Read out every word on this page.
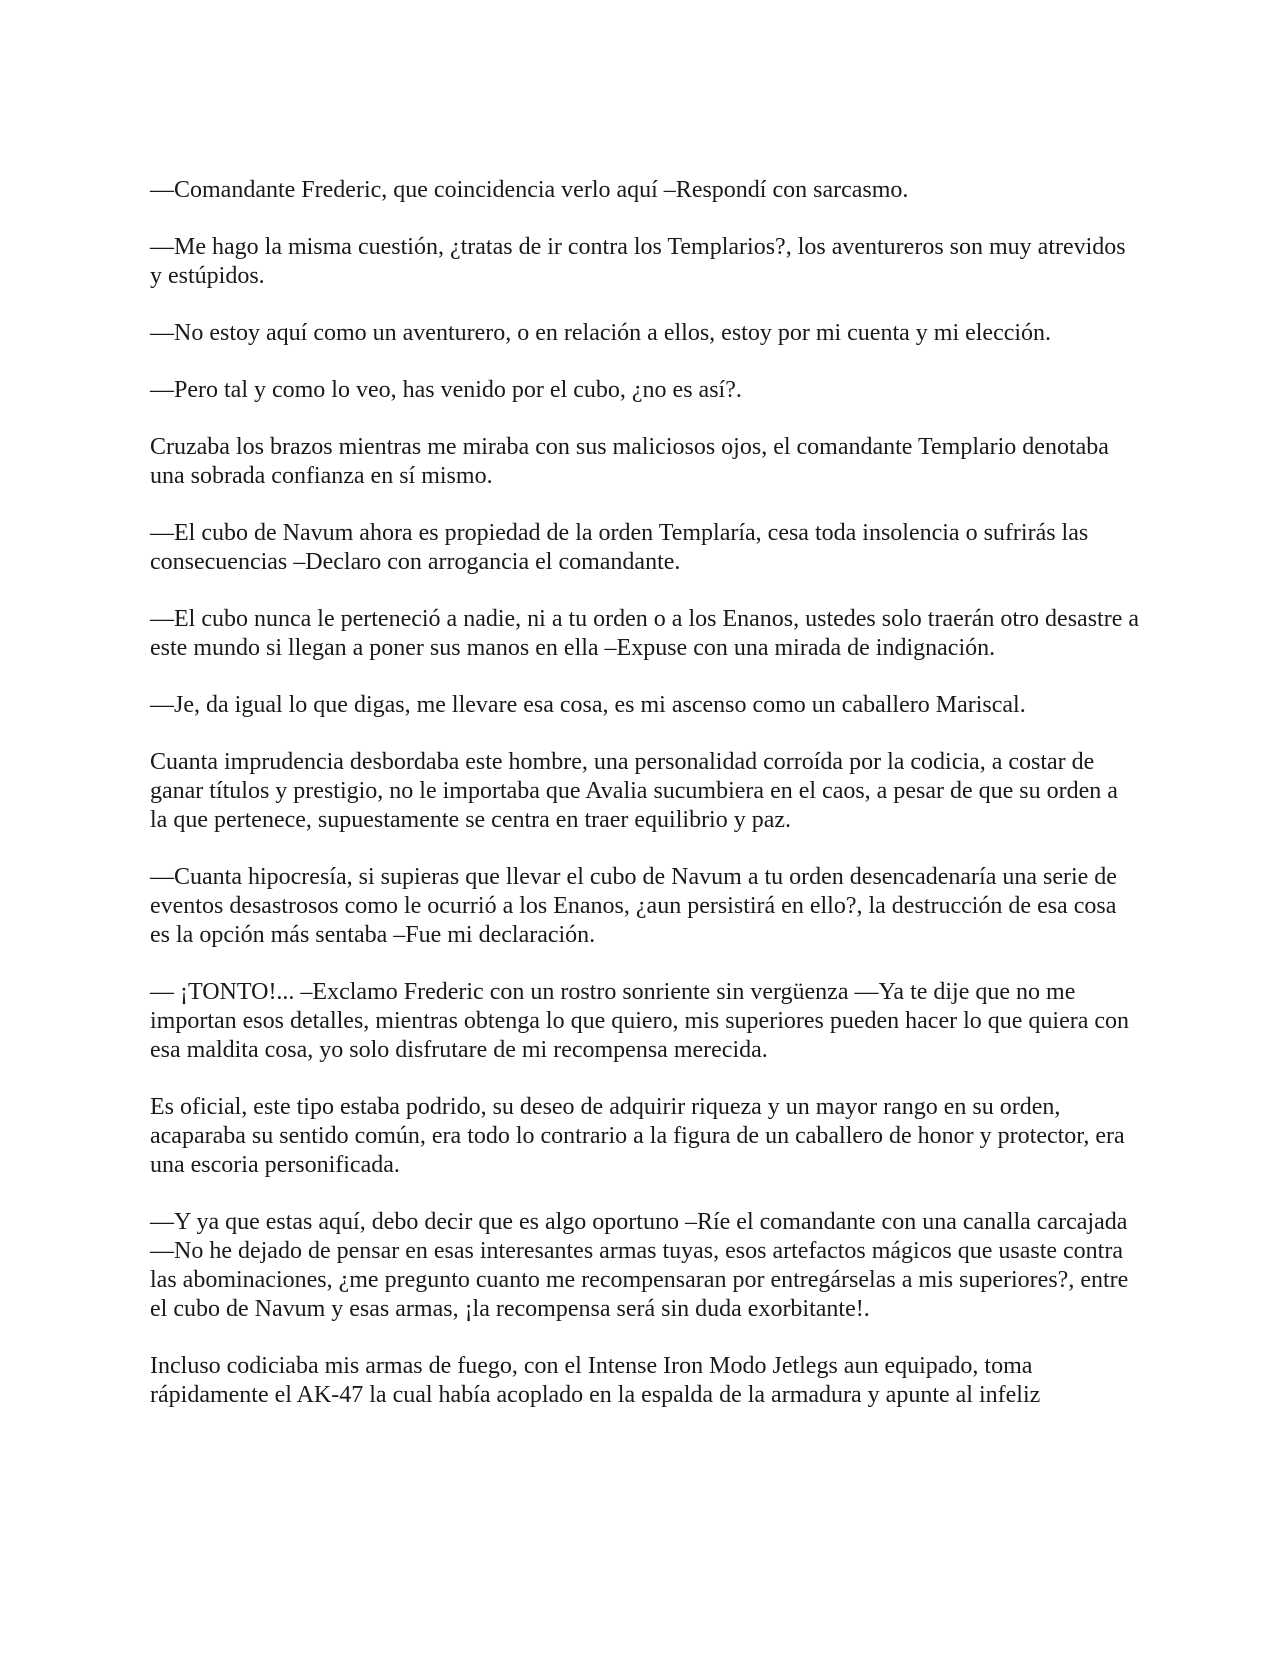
—Comandante Frederic, que coincidencia verlo aquí –Respondí con sarcasmo.

—Me hago la misma cuestión, ¿tratas de ir contra los Templarios?, los aventureros son muy atrevidos y estúpidos.

—No estoy aquí como un aventurero, o en relación a ellos, estoy por mi cuenta y mi elección.

—Pero tal y como lo veo, has venido por el cubo, ¿no es así?.

Cruzaba los brazos mientras me miraba con sus maliciosos ojos, el comandante Templario denotaba una sobrada confianza en sí mismo.

—El cubo de Navum ahora es propiedad de la orden Templaría, cesa toda insolencia o sufrirás las consecuencias –Declaro con arrogancia el comandante.

—El cubo nunca le perteneció a nadie, ni a tu orden o a los Enanos, ustedes solo traerán otro desastre a este mundo si llegan a poner sus manos en ella –Expuse con una mirada de indignación.

—Je, da igual lo que digas, me llevare esa cosa, es mi ascenso como un caballero Mariscal.

Cuanta imprudencia desbordaba este hombre, una personalidad corroída por la codicia, a costar de ganar títulos y prestigio, no le importaba que Avalia sucumbiera en el caos, a pesar de que su orden a la que pertenece, supuestamente se centra en traer equilibrio y paz.

—Cuanta hipocresía, si supieras que llevar el cubo de Navum a tu orden desencadenaría una serie de eventos desastrosos como le ocurrió a los Enanos, ¿aun persistirá en ello?, la destrucción de esa cosa es la opción más sentaba –Fue mi declaración.

— ¡TONTO!... –Exclamo Frederic con un rostro sonriente sin vergüenza —Ya te dije que no me importan esos detalles, mientras obtenga lo que quiero, mis superiores pueden hacer lo que quiera con esa maldita cosa, yo solo disfrutare de mi recompensa merecida.

Es oficial, este tipo estaba podrido, su deseo de adquirir riqueza y un mayor rango en su orden, acaparaba su sentido común, era todo lo contrario a la figura de un caballero de honor y protector, era una escoria personificada.

—Y ya que estas aquí, debo decir que es algo oportuno –Ríe el comandante con una canalla carcajada —No he dejado de pensar en esas interesantes armas tuyas, esos artefactos mágicos que usaste contra las abominaciones, ¿me pregunto cuanto me recompensaran por entregárselas a mis superiores?, entre el cubo de Navum y esas armas, ¡la recompensa será sin duda exorbitante!.

Incluso codiciaba mis armas de fuego, con el Intense Iron Modo Jetlegs aun equipado, toma rápidamente el AK-47 la cual había acoplado en la espalda de la armadura y apunte al infeliz
